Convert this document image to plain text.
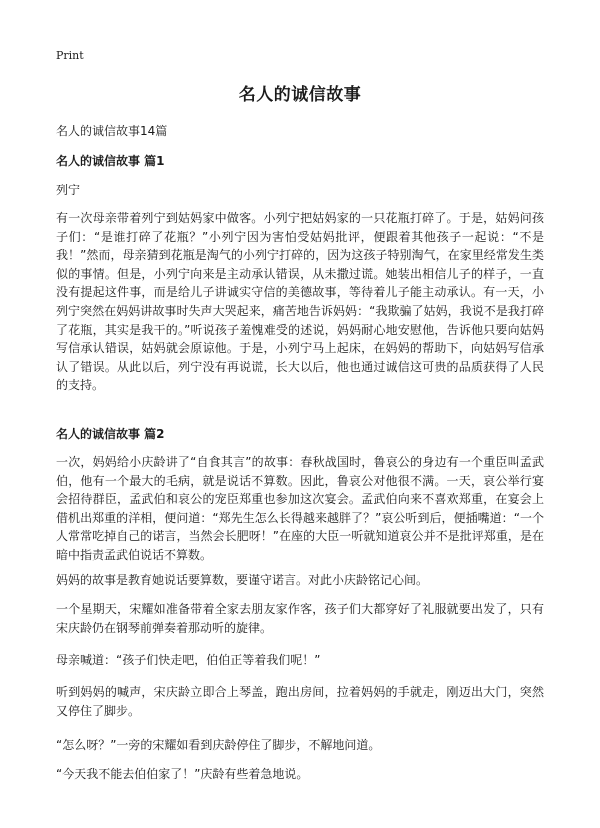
Print
名人的诚信故事

名人的诚信故事14篇

名人的诚信故事 篇1

列宁

有一次母亲带着列宁到姑妈家中做客。小列宁把姑妈家的一只花瓶打碎了。于是，姑妈问孩子们：“是谁打碎了花瓶？”小列宁因为害怕受姑妈批评，便跟着其他孩子一起说：“不是我！”然而，母亲猜到花瓶是淘气的小列宁打碎的，因为这孩子特别淘气，在家里经常发生类似的事情。但是，小列宁向来是主动承认错误，从未撒过谎。她装出相信儿子的样子，一直没有提起这件事，而是给儿子讲诚实守信的美德故事，等待着儿子能主动承认。有一天，小列宁突然在妈妈讲故事时失声大哭起来，痛苦地告诉妈妈：“我欺骗了姑妈，我说不是我打碎了花瓶，其实是我干的。”听说孩子羞愧难受的述说，妈妈耐心地安慰他，告诉他只要向姑妈写信承认错误，姑妈就会原谅他。于是，小列宁马上起床，在妈妈的帮助下，向姑妈写信承认了错误。从此以后，列宁没有再说谎，长大以后，他也通过诚信这可贵的品质获得了人民的支持。

名人的诚信故事 篇2

一次，妈妈给小庆龄讲了“自食其言”的故事：春秋战国时，鲁哀公的身边有一个重臣叫孟武伯，他有一个最大的毛病，就是说话不算数。因此，鲁哀公对他很不满。一天，哀公举行宴会招待群臣，孟武伯和哀公的宠臣郑重也参加这次宴会。孟武伯向来不喜欢郑重，在宴会上借机出郑重的洋相，便问道：“郑先生怎么长得越来越胖了？”哀公听到后，便插嘴道：“一个人常常吃掉自己的诺言，当然会长肥呀！”在座的大臣一听就知道哀公并不是批评郑重，是在暗中指责孟武伯说话不算数。

妈妈的故事是教育她说话要算数，要谨守诺言。对此小庆龄铭记心间。

一个星期天，宋耀如准备带着全家去朋友家作客，孩子们大都穿好了礼服就要出发了，只有宋庆龄仍在钢琴前弹奏着那动听的旋律。

母亲喊道：“孩子们快走吧，伯伯正等着我们呢！”

听到妈妈的喊声，宋庆龄立即合上琴盖，跑出房间，拉着妈妈的手就走，刚迈出大门，突然又停住了脚步。

“怎么呀？”一旁的宋耀如看到庆龄停住了脚步，不解地问道。

“今天我不能去伯伯家了！”庆龄有些着急地说。
